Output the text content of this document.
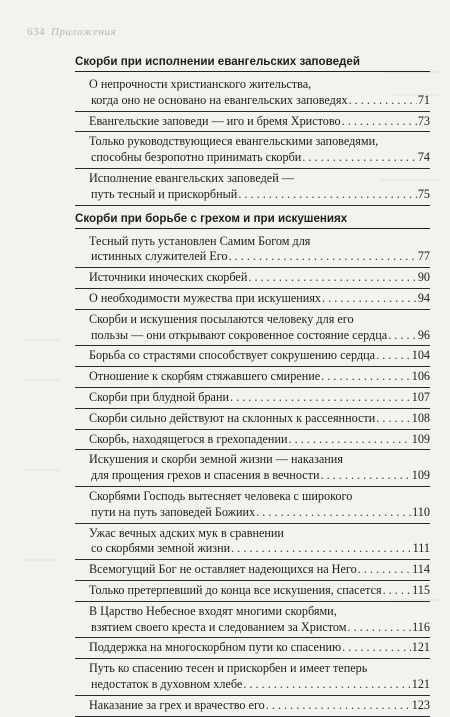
634 Приложения
Скорби при исполнении евангельских заповедей
О непрочности христианского жительства,
когда оно не основано на евангельских заповедях . . .	71
Евангельские заповеди — иго и бремя Христово . . .	73
Только руководствующиеся евангельскими заповедями,
способны безропотно принимать скорби . . .	74
Исполнение евангельских заповедей —
путь тесный и прискорбный . . .	75
Скорби при борьбе с грехом и при искушениях
Тесный путь установлен Самим Богом для
истинных служителей Его . . .	77
Источники иноческих скорбей . . .	90
О необходимости мужества при искушениях . . .	94
Скорби и искушения посылаются человеку для его
пользы — они открывают сокровенное состояние сердца . . .	96
Борьба со страстями способствует сокрушению сердца . . .	104
Отношение к скорбям стяжавшего смирение . . .	106
Скорби при блудной брани . . .	107
Скорби сильно действуют на склонных к рассеянности . . .	108
Скорбь, находящегося в грехопадении . . .	109
Искушения и скорби земной жизни — наказания
для прощения грехов и спасения в вечности . . .	109
Скорбями Господь вытесняет человека с широкого
пути на путь заповедей Божиих . . .	110
Ужас вечных адских мук в сравнении
со скорбями земной жизни . . .	111
Всемогущий Бог не оставляет надеющихся на Него . . .	114
Только претерпевший до конца все искушения, спасется . . .	115
В Царство Небесное входят многими скорбями,
взятием своего креста и следованием за Христом . . .	116
Поддержка на многоскорбном пути ко спасению . . .	121
Путь ко спасению тесен и прискорбен и имеет теперь
недостаток в духовном хлебе . . .	121
Наказание за грех и врачество его . . .	123
